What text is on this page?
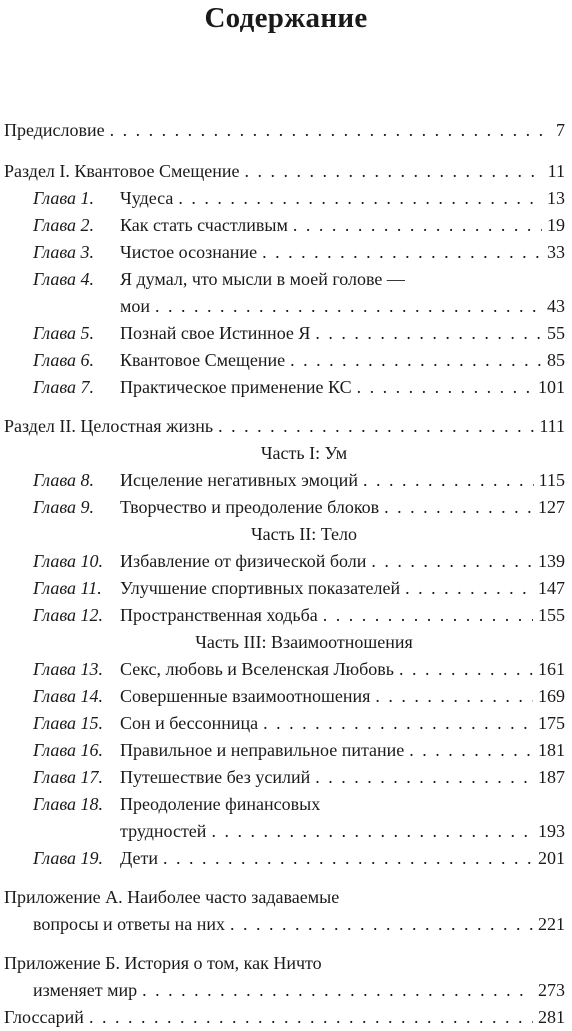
Содержание
Предисловие . . .	7
Раздел I. Квантовое Смещение . . .	11
Глава 1.	Чудеса . . .	13
Глава 2.	Как стать счастливым . . .	19
Глава 3.	Чистое осознание . . .	33
Глава 4.	Я думал, что мысли в моей голове —
мои . . .	43
Глава 5.	Познай свое Истинное Я . . .	55
Глава 6.	Квантовое Смещение . . .	85
Глава 7.	Практическое применение КС . . .	101
Раздел II. Целостная жизнь . . .	111
Часть I: Ум
Глава 8.	Исцеление негативных эмоций . . .	115
Глава 9.	Творчество и преодоление блоков . . .	127
Часть II: Тело
Глава 10. Избавление от физической боли . . .	139
Глава 11.	Улучшение спортивных показателей . . .	147
Глава 12. Пространственная ходьба . . .	155
Часть III: Взаимоотношения
Глава 13. Секс, любовь и Вселенская Любовь . . .	161
Глава 14. Совершенные взаимоотношения . . .	169
Глава 15. Сон и бессонница . . .	175
Глава 16. Правильное и неправильное питание . . .	181
Глава 17. Путешествие без усилий . . .	187
Глава 18. Преодоление финансовых
трудностей . . .	193
Глава 19. Дети . . .	201
Приложение А. Наиболее часто задаваемые
вопросы и ответы на них . . .	221
Приложение Б. История о том, как Ничто
изменяет мир . . .	273
Глоссарий . . .	281
